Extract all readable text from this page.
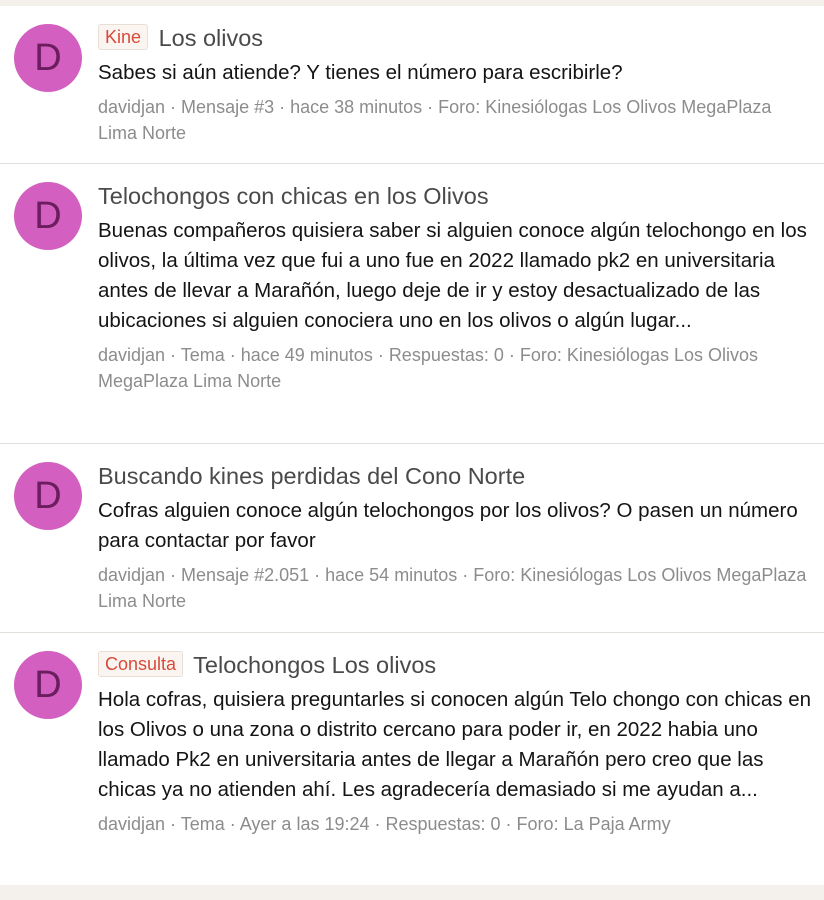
D	Kine Los olivos
Sabes si aún atiende? Y tienes el número para escribirle?
davidjan · Mensaje #3 · hace 38 minutos · Foro: Kinesiólogas Los Olivos MegaPlaza Lima Norte
D	Telochongos con chicas en los Olivos
Buenas compañeros quisiera saber si alguien conoce algún telochongo en los olivos, la última vez que fui a uno fue en 2022 llamado pk2 en universitaria antes de llevar a Marañón, luego deje de ir y estoy desactualizado de las ubicaciones si alguien conociera uno en los olivos o algún lugar...
davidjan · Tema · hace 49 minutos · Respuestas: 0 · Foro: Kinesiólogas Los Olivos MegaPlaza Lima Norte
D	Buscando kines perdidas del Cono Norte
Cofras alguien conoce algún telochongos por los olivos? O pasen un número para contactar por favor
davidjan · Mensaje #2.051 · hace 54 minutos · Foro: Kinesiólogas Los Olivos MegaPlaza Lima Norte
D	Consulta Telochongos Los olivos
Hola cofras, quisiera preguntarles si conocen algún Telo chongo con chicas en los Olivos o una zona o distrito cercano para poder ir, en 2022 habia uno llamado Pk2 en universitaria antes de llegar a Marañón pero creo que las chicas ya no atienden ahí. Les agradecería demasiado si me ayudan a...
davidjan · Tema · Ayer a las 19:24 · Respuestas: 0 · Foro: La Paja Army
